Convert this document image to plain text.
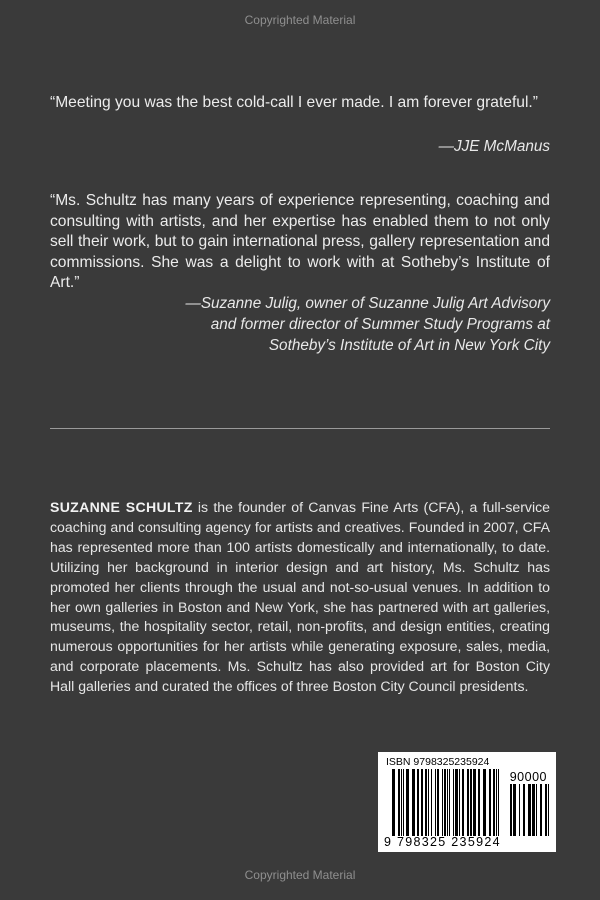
Copyrighted Material
“Meeting you was the best cold-call I ever made. I am forever grateful.”
—JJE McManus
“Ms. Schultz has many years of experience representing, coaching and consulting with artists, and her expertise has enabled them to not only sell their work, but to gain international press, gallery representation and commissions. She was a delight to work with at Sotheby’s Institute of Art.”
—Suzanne Julig, owner of Suzanne Julig Art Advisory
and former director of Summer Study Programs at
Sotheby’s Institute of Art in New York City
SUZANNE SCHULTZ is the founder of Canvas Fine Arts (CFA), a full-service coaching and consulting agency for artists and creatives. Founded in 2007, CFA has represented more than 100 artists domestically and internationally, to date. Utilizing her background in interior design and art history, Ms. Schultz has promoted her clients through the usual and not-so-usual venues. In addition to her own galleries in Boston and New York, she has partnered with art galleries, museums, the hospitality sector, retail, non-profits, and design entities, creating numerous opportunities for her artists while generating exposure, sales, media, and corporate placements. Ms. Schultz has also provided art for Boston City Hall galleries and curated the offices of three Boston City Council presidents.
ISBN 9798325235924
90000
9 798325 235924
Copyrighted Material
